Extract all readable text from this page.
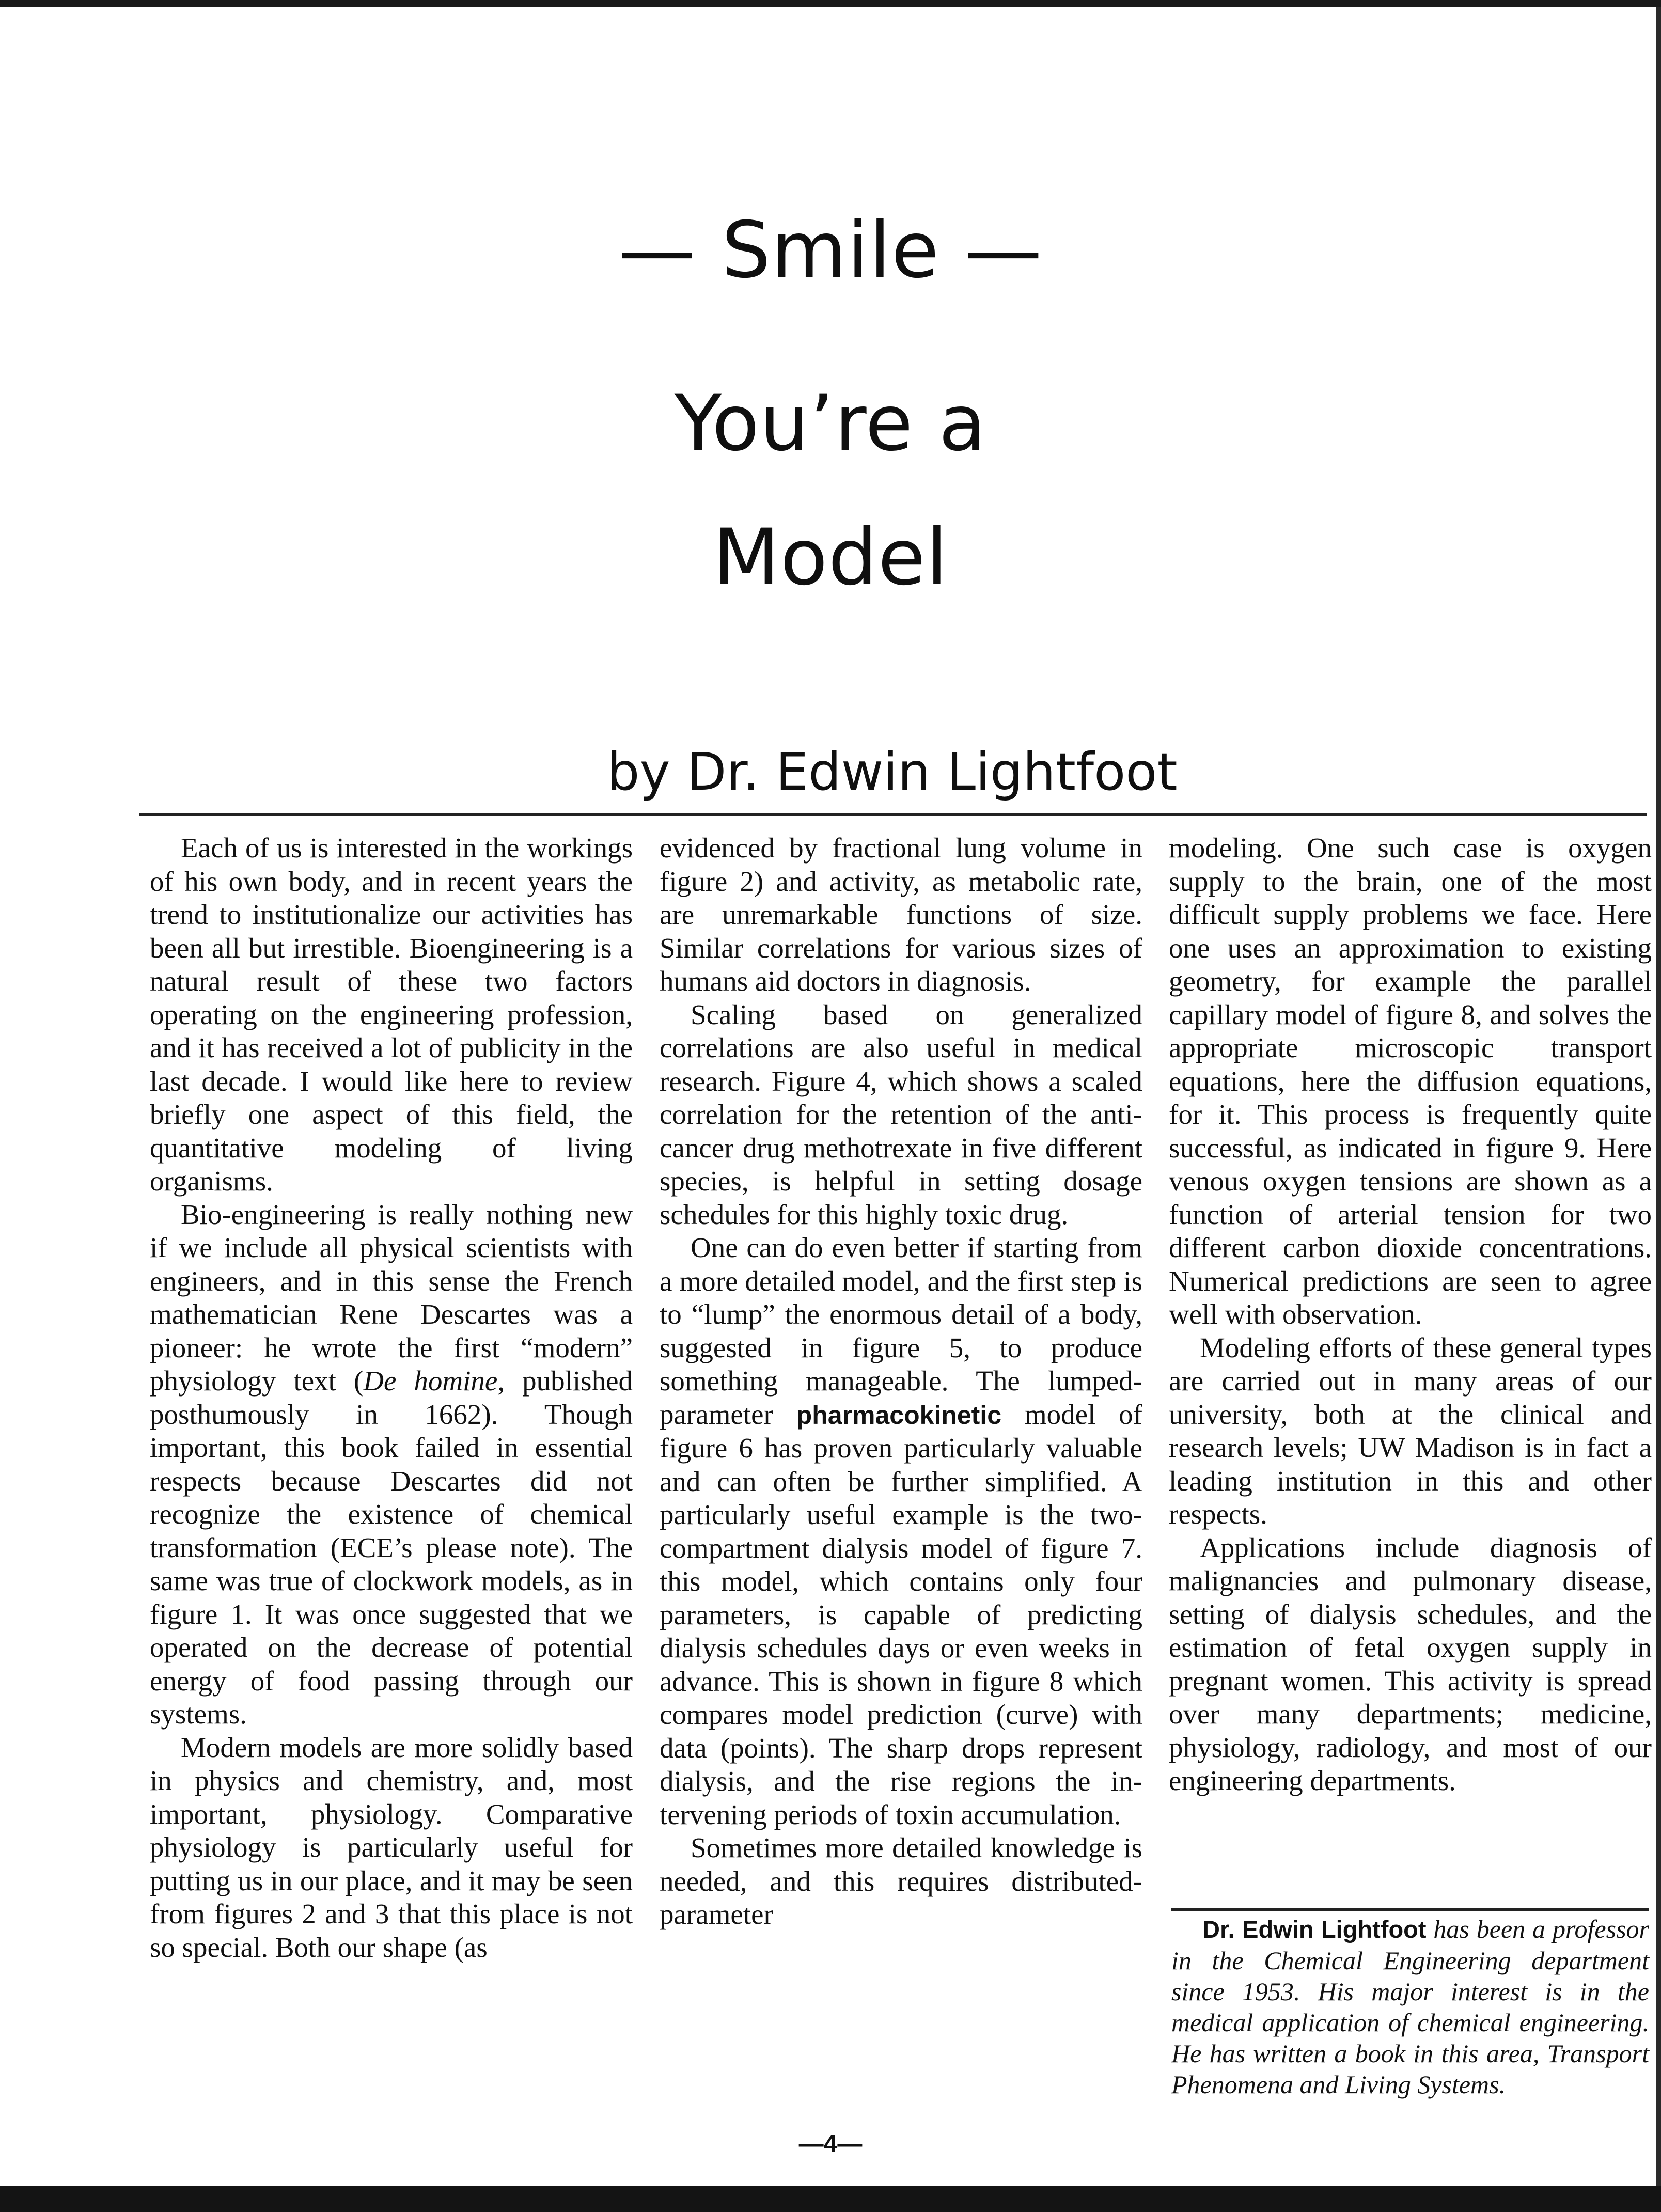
— Smile —
You’re a
Model
by Dr. Edwin Lightfoot

Each of us is interested in the workings of his own body, and in recent years the trend to institutionalize our activities has been all but irrestible. Bioengineering is a natural result of these two factors operating on the engineering profession, and it has received a lot of publicity in the last decade. I would like here to review briefly one aspect of this field, the quantitative modeling of living organisms.

Bio-engineering is really nothing new if we include all physical scientists with engineers, and in this sense the French mathematician Rene Descartes was a pioneer: he wrote the first “modern” physiology text (De homine, published posthumously in 1662). Though important, this book failed in essential respects because Descartes did not recognize the existence of chemical transformation (ECE’s please note). The same was true of clockwork models, as in figure 1. It was once suggested that we operated on the decrease of potential energy of food passing through our systems.

Modern models are more solidly based in physics and chemistry, and, most important, physiology. Comparative physiology is particularly useful for putting us in our place, and it may be seen from figures 2 and 3 that this place is not so special. Both our shape (as

evidenced by fractional lung volume in figure 2) and activity, as metabolic rate, are unremarkable functions of size. Similar correlations for various sizes of humans aid doctors in diagnosis.

Scaling based on generalized correlations are also useful in medical research. Figure 4, which shows a scaled correlation for the retention of the anti-cancer drug methotrexate in five different species, is helpful in setting dosage schedules for this highly toxic drug.

One can do even better if starting from a more detailed model, and the first step is to “lump” the enormous detail of a body, suggested in figure 5, to produce something manageable. The lumpedparameter pharmacokinetic model of figure 6 has proven particularly valuable and can often be further simplified. A particularly useful example is the two-compartment dialysis model of figure 7. this model, which contains only four parameters, is capable of predicting dialysis schedules days or even weeks in advance. This is shown in figure 8 which compares model prediction (curve) with data (points). The sharp drops represent dialysis, and the rise regions the intervening periods of toxin accumulation.

Sometimes more detailed knowledge is needed, and this requires distributed-parameter

modeling. One such case is oxygen supply to the brain, one of the most difficult supply problems we face. Here one uses an approximation to existing geometry, for example the parallel capillary model of figure 8, and solves the appropriate microscopic transport equations, here the diffusion equations, for it. This process is frequently quite successful, as indicated in figure 9. Here venous oxygen tensions are shown as a function of arterial tension for two different carbon dioxide concentrations. Numerical predictions are seen to agree well with observation.

Modeling efforts of these general types are carried out in many areas of our university, both at the clinical and research levels; UW Madison is in fact a leading institution in this and other respects.

Applications include diagnosis of malignancies and pulmonary disease, setting of dialysis schedules, and the estimation of fetal oxygen supply in pregnant women. This activity is spread over many departments; medicine, physiology, radiology, and most of our engineering departments.

Dr. Edwin Lightfoot has been a professor in the Chemical Engineering department since 1953. His major interest is in the medical application of chemical engineering. He has written a book in this area, Transport Phenomena and Living Systems.

—4—
